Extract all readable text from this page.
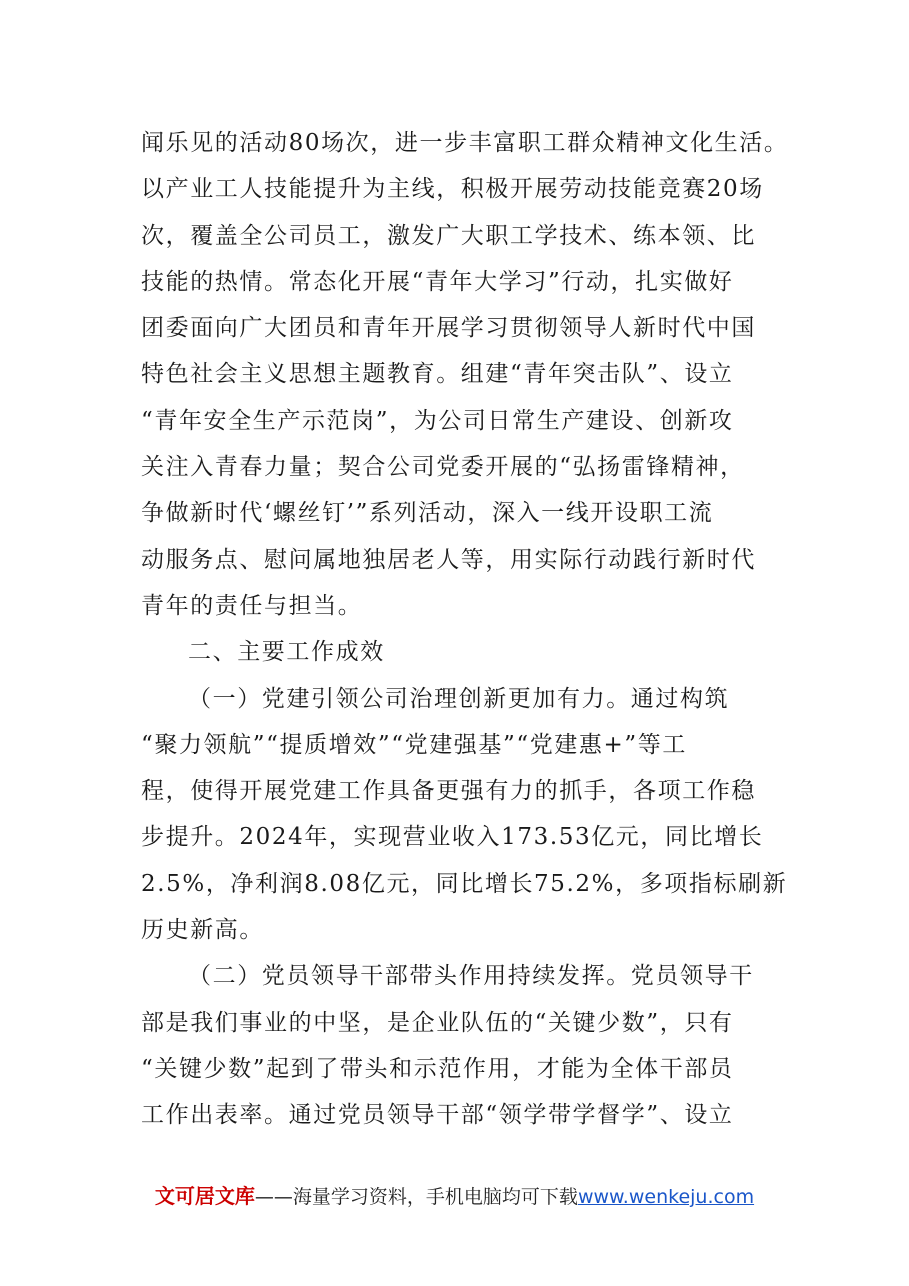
闻乐见的活动80场次，进一步丰富职工群众精神文化生活。
以产业工人技能提升为主线，积极开展劳动技能竞赛20场
次，覆盖全公司员工，激发广大职工学技术、练本领、比
技能的热情。常态化开展“青年大学习”行动，扎实做好
团委面向广大团员和青年开展学习贯彻领导人新时代中国
特色社会主义思想主题教育。组建“青年突击队”、设立
“青年安全生产示范岗”，为公司日常生产建设、创新攻
关注入青春力量；契合公司党委开展的“弘扬雷锋精神，
争做新时代‘螺丝钉’”系列活动，深入一线开设职工流
动服务点、慰问属地独居老人等，用实际行动践行新时代
青年的责任与担当。
二、主要工作成效
（一）党建引领公司治理创新更加有力。通过构筑
“聚力领航”“提质增效”“党建强基”“党建惠+”等工
程，使得开展党建工作具备更强有力的抓手，各项工作稳
步提升。2024年，实现营业收入173.53亿元，同比增长
2.5%，净利润8.08亿元，同比增长75.2%，多项指标刷新
历史新高。
（二）党员领导干部带头作用持续发挥。党员领导干
部是我们事业的中坚，是企业队伍的“关键少数”，只有
“关键少数”起到了带头和示范作用，才能为全体干部员
工作出表率。通过党员领导干部“领学带学督学”、设立
文可居文库——海量学习资料，手机电脑均可下载www.wenkeju.com
